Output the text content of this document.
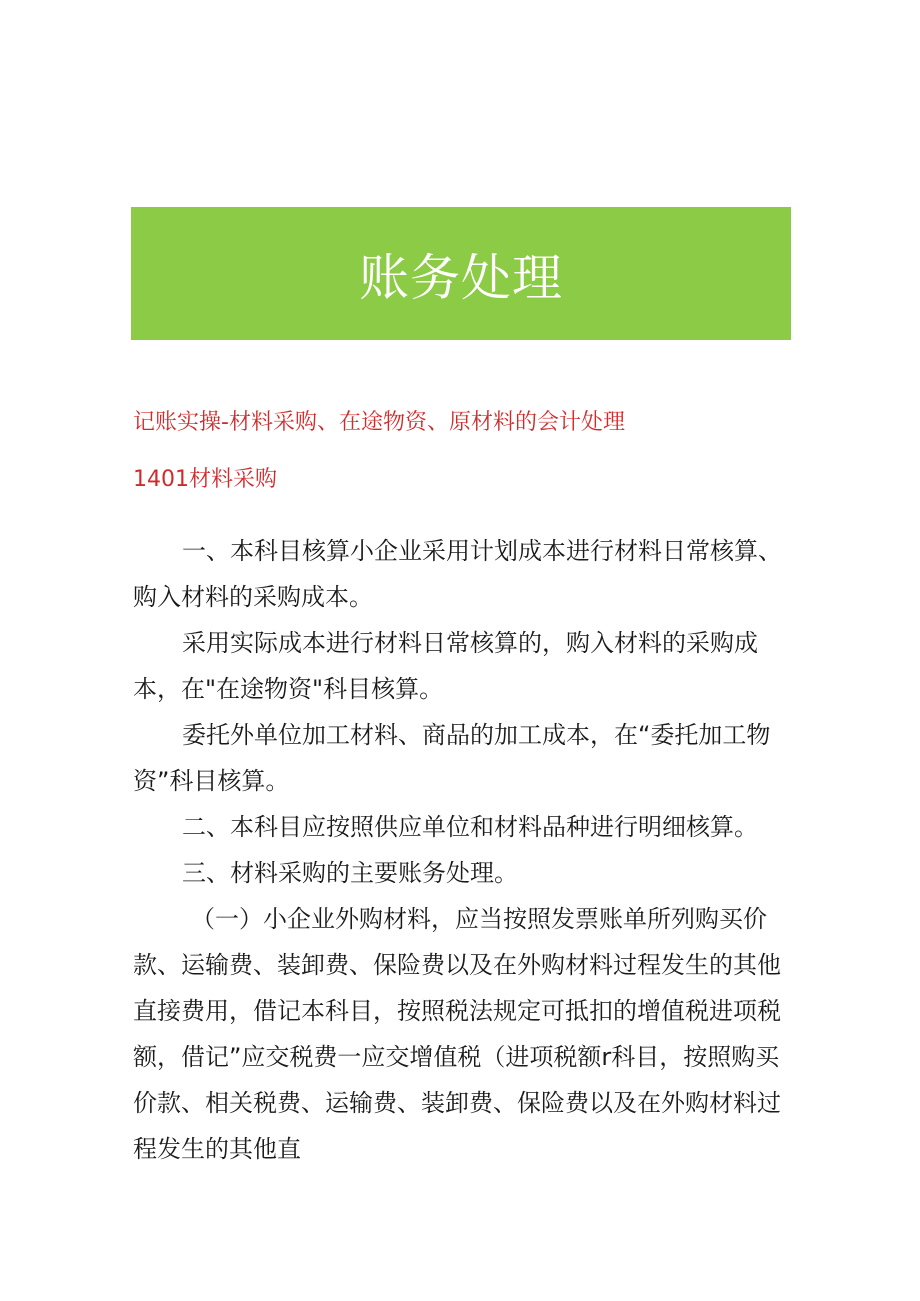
账务处理
记账实操-材料采购、在途物资、原材料的会计处理
1401材料采购

一、本科目核算小企业采用计划成本进行材料日常核算、购入材料的采购成本。

采用实际成本进行材料日常核算的，购入材料的采购成本，在"在途物资"科目核算。

委托外单位加工材料、商品的加工成本，在“委托加工物资”科目核算。

二、本科目应按照供应单位和材料品种进行明细核算。

三、材料采购的主要账务处理。

（一）小企业外购材料，应当按照发票账单所列购买价款、运输费、装卸费、保险费以及在外购材料过程发生的其他直接费用，借记本科目，按照税法规定可抵扣的增值税进项税额，借记”应交税费一应交增值税（进项税额r科目，按照购买价款、相关税费、运输费、装卸费、保险费以及在外购材料过程发生的其他直
